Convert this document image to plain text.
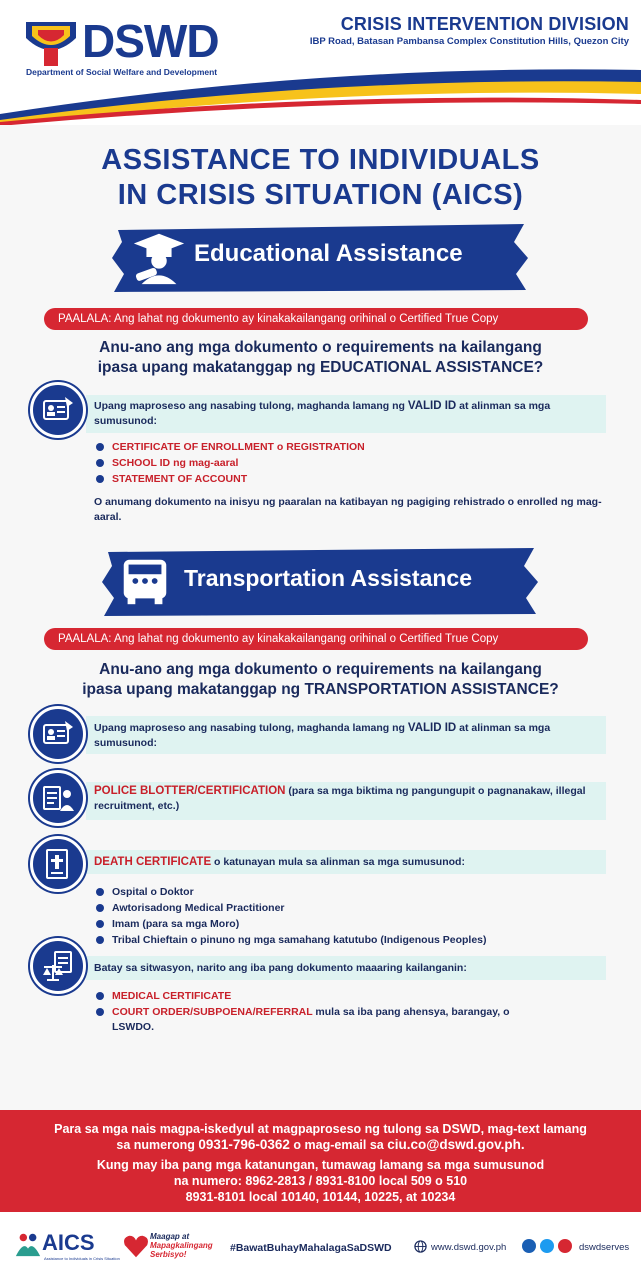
DSWD
Department of Social Welfare and Development
CRISIS INTERVENTION DIVISION
IBP Road, Batasan Pambansa Complex Constitution Hills, Quezon City
ASSISTANCE TO INDIVIDUALS
IN CRISIS SITUATION (AICS)
Educational Assistance
PAALALA: Ang lahat ng dokumento ay kinakakailangang orihinal o Certified True Copy
Anu-ano ang mga dokumento o requirements na kailangang
ipasa upang makatanggap ng EDUCATIONAL ASSISTANCE?
Upang maproseso ang nasabing tulong, maghanda lamang ng VALID ID at alinman sa mga sumusunod:
CERTIFICATE OF ENROLLMENT o REGISTRATION
SCHOOL ID ng mag-aaral
STATEMENT OF ACCOUNT
O anumang dokumento na inisyu ng paaralan na katibayan ng pagiging rehistrado o enrolled ng mag-aaral.
Transportation Assistance
PAALALA: Ang lahat ng dokumento ay kinakakailangang orihinal o Certified True Copy
Anu-ano ang mga dokumento o requirements na kailangang
ipasa upang makatanggap ng TRANSPORTATION ASSISTANCE?
Upang maproseso ang nasabing tulong, maghanda lamang ng VALID ID at alinman sa mga sumusunod:
POLICE BLOTTER/CERTIFICATION (para sa mga biktima ng pangungupit o pagnanakaw, illegal recruitment, etc.)
DEATH CERTIFICATE o katunayan mula sa alinman sa mga sumusunod:
Ospital o Doktor
Awtorisadong Medical Practitioner
Imam (para sa mga Moro)
Tribal Chieftain o pinuno ng mga samahang katutubo (Indigenous Peoples)
Batay sa sitwasyon, narito ang iba pang dokumento maaaring kailanganin:
MEDICAL CERTIFICATE
COURT ORDER/SUBPOENA/REFERRAL mula sa iba pang ahensya, barangay, o
LSWDO.
Para sa mga nais magpa-iskedyul at magpaproseso ng tulong sa DSWD, mag-text lamang
sa numerong 0931-796-0362 o mag-email sa ciu.co@dswd.gov.ph.
Kung may iba pang mga katanungan, tumawag lamang sa mga sumusunod
na numero: 8962-2813 / 8931-8100 local 509 o 510
8931-8101 local 10140, 10144, 10225, at 10234
AICS
Assistance to Individuals in Crisis Situation
Maagap at
Mapagkalingang
Serbisyo!
#BawatBuhayMahalagaSaDSWD	www.dswd.gov.ph	dswdserves
